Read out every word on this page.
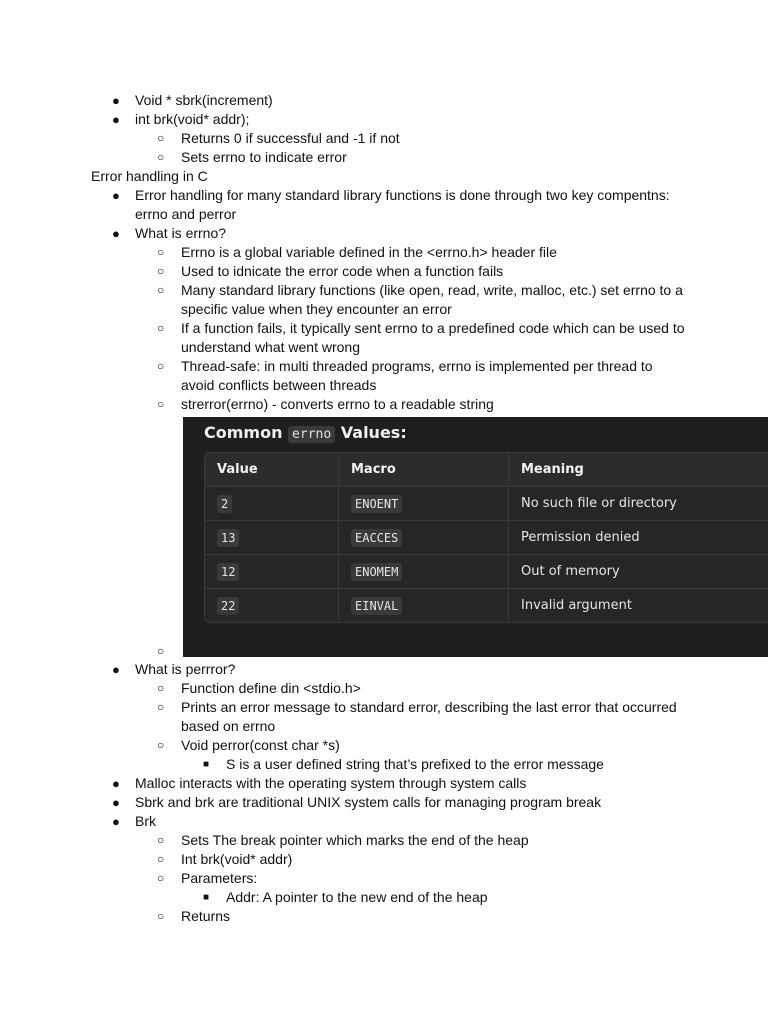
● Void * sbrk(increment)
● int brk(void* addr);
○ Returns 0 if successful and -1 if not
○ Sets errno to indicate error
Error handling in C
● Error handling for many standard library functions is done through two key compentns:
errno and perror
● What is errno?
○ Errno is a global variable defined in the <errno.h> header file
○ Used to idnicate the error code when a function fails
○ Many standard library functions (like open, read, write, malloc, etc.) set errno to a
specific value when they encounter an error
○ If a function fails, it typically sent errno to a predefined code which can be used to
understand what went wrong
○ Thread-safe: in multi threaded programs, errno is implemented per thread to
avoid conflicts between threads
○ strerror(errno) - converts errno to a readable string
○
Common errno Values:
Value	Macro	Meaning
2	ENOENT	No such file or directory
13	EACCES	Permission denied
12	ENOMEM	Out of memory
22	EINVAL	Invalid argument
● What is perrror?
○ Function define din <stdio.h>
○ Prints an error message to standard error, describing the last error that occurred
based on errno
○ Void perror(const char *s)
■ S is a user defined string that’s prefixed to the error message
● Malloc interacts with the operating system through system calls
● Sbrk and brk are traditional UNIX system calls for managing program break
● Brk
○ Sets The break pointer which marks the end of the heap
○ Int brk(void* addr)
○ Parameters:
■ Addr: A pointer to the new end of the heap
○ Returns
